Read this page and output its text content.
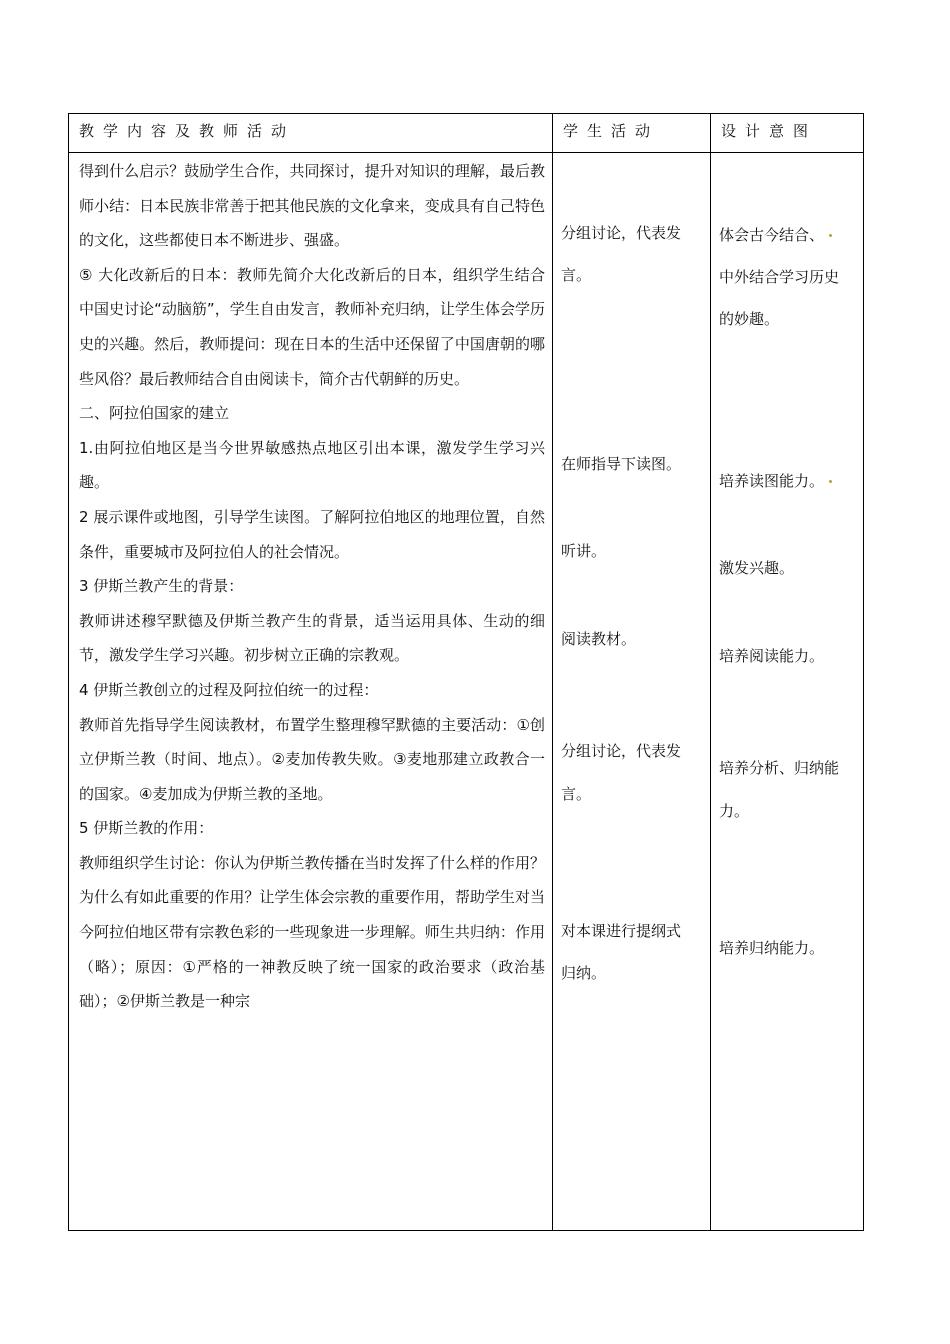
教学内容及教师活动	学生活动	设计意图

得到什么启示？鼓励学生合作，共同探讨，提升对知识的理解，最后教师小结：日本民族非常善于把其他民族的文化拿来，变成具有自己特色的文化，这些都使日本不断进步、强盛。

⑤ 大化改新后的日本：教师先简介大化改新后的日本，组织学生结合中国史讨论“动脑筋”，学生自由发言，教师补充归纳，让学生体会学历史的兴趣。然后，教师提问：现在日本的生活中还保留了中国唐朝的哪些风俗？最后教师结合自由阅读卡，简介古代朝鲜的历史。

二、阿拉伯国家的建立

1.由阿拉伯地区是当今世界敏感热点地区引出本课，激发学生学习兴趣。

2 展示课件或地图，引导学生读图。了解阿拉伯地区的地理位置，自然条件，重要城市及阿拉伯人的社会情况。

3 伊斯兰教产生的背景：

教师讲述穆罕默德及伊斯兰教产生的背景，适当运用具体、生动的细节，激发学生学习兴趣。初步树立正确的宗教观。

4 伊斯兰教创立的过程及阿拉伯统一的过程：

教师首先指导学生阅读教材，布置学生整理穆罕默德的主要活动：①创立伊斯兰教（时间、地点）。②麦加传教失败。③麦地那建立政教合一的国家。④麦加成为伊斯兰教的圣地。

5 伊斯兰教的作用：

教师组织学生讨论：你认为伊斯兰教传播在当时发挥了什么样的作用？为什么有如此重要的作用？让学生体会宗教的重要作用，帮助学生对当今阿拉伯地区带有宗教色彩的一些现象进一步理解。师生共归纳：作用（略）；原因：①严格的一神教反映了统一国家的政治要求（政治基础）；②伊斯兰教是一种宗

分组讨论，代表发

言。

在师指导下读图。

听讲。

阅读教材。

分组讨论，代表发

言。

对本课进行提纲式

归纳。

体会古今结合、

中外结合学习历史

的妙趣。

培养读图能力。

激发兴趣。

培养阅读能力。

培养分析、归纳能

力。

培养归纳能力。
